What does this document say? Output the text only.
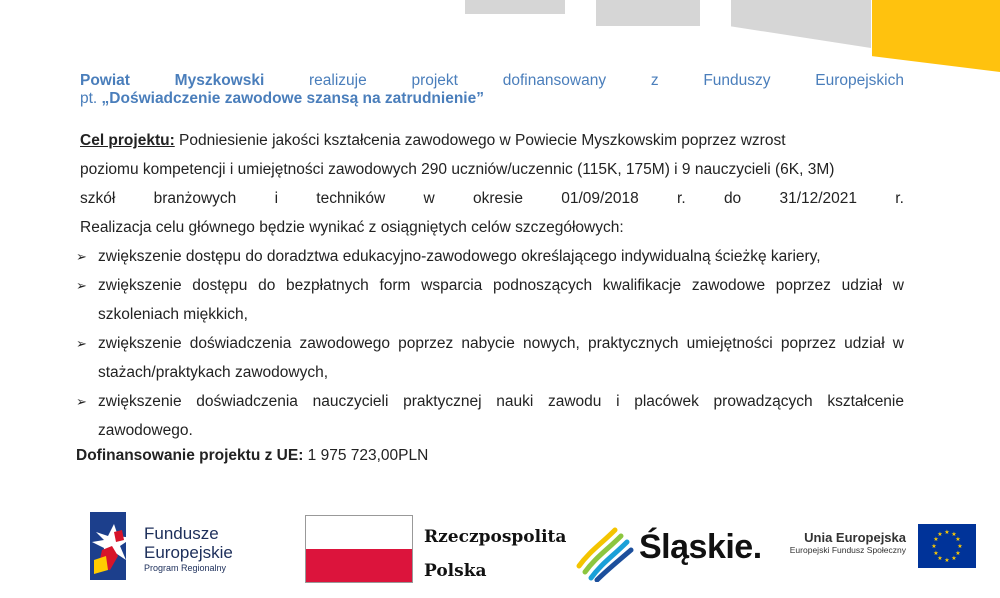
Powiat	Myszkowski	realizuje	projekt	dofinansowany	z	Funduszy	Europejskich
pt. „Doświadczenie zawodowe szansą na zatrudnienie”
Cel projektu: Podniesienie jakości kształcenia zawodowego w Powiecie Myszkowskim poprzez wzrost
poziomu kompetencji i umiejętności zawodowych 290 uczniów/uczennic (115K, 175M) i 9 nauczycieli (6K, 3M)
szkół branżowych i techników w okresie 01/09/2018 r. do 31/12/2021 r.
Realizacja celu głównego będzie wynikać z osiągniętych celów szczegółowych:
➢ zwiększenie dostępu do doradztwa edukacyjno-zawodowego określającego indywidualną ścieżkę kariery,
➢ zwiększenie dostępu do bezpłatnych form wsparcia podnoszących kwalifikacje zawodowe poprzez udział w szkoleniach miękkich,
➢ zwiększenie doświadczenia zawodowego poprzez nabycie nowych, praktycznych umiejętności poprzez udział w stażach/praktykach zawodowych,
➢ zwiększenie doświadczenia nauczycieli praktycznej nauki zawodu i placówek prowadzących kształcenie zawodowego.
Dofinansowanie projektu z UE: 1 975 723,00PLN
Fundusze
Europejskie
Program Regionalny
Rzeczpospolita
Polska
Śląskie.	Unia Europejska
Europejski Fundusz Społeczny
★ ★
★
★
★
★
★
★
★
★
★
★
